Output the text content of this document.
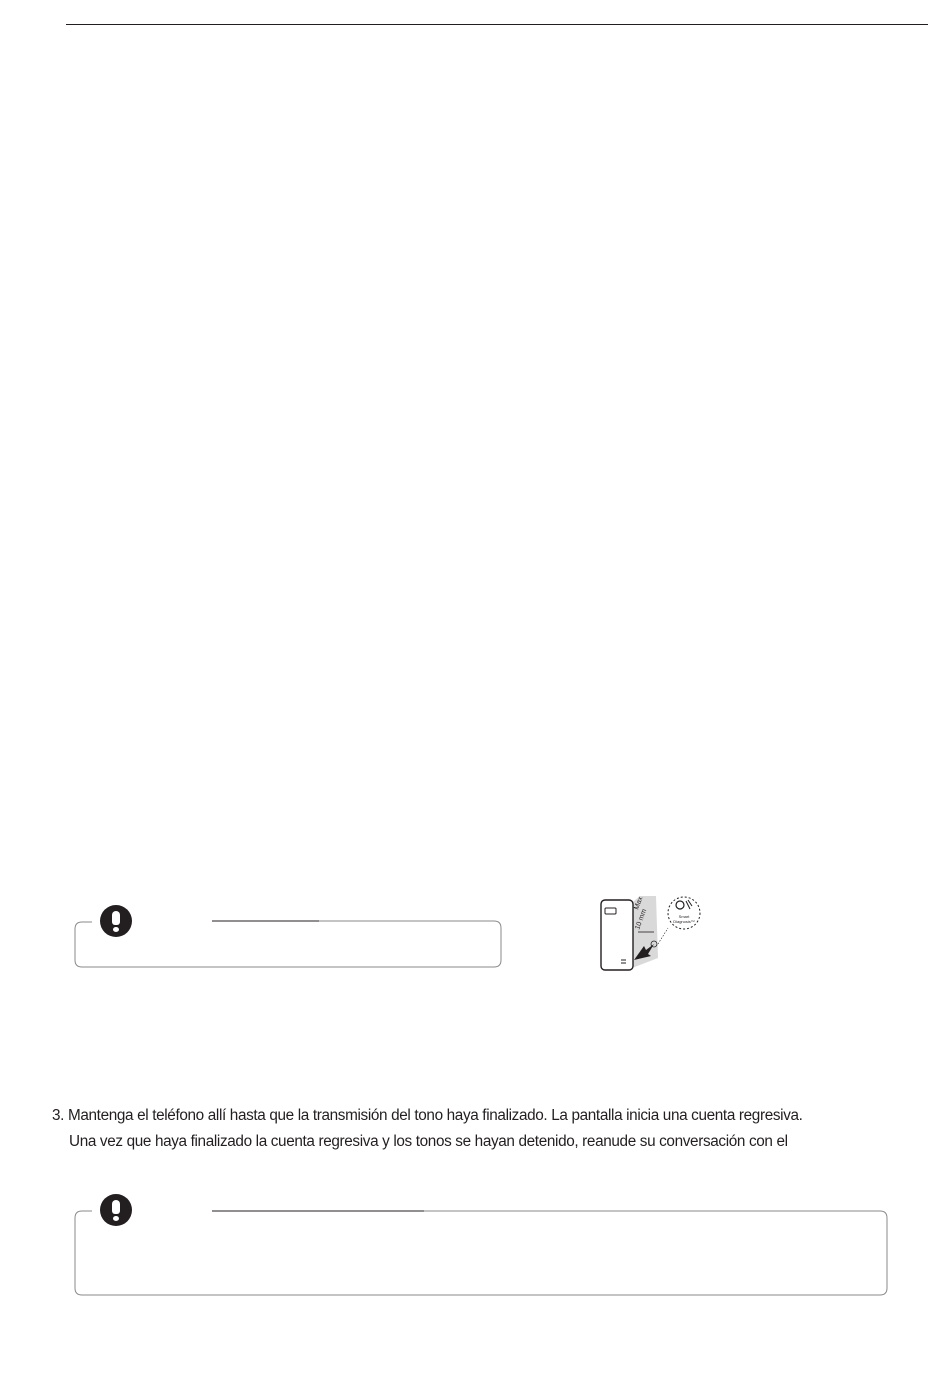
Max
10 mm	Smart
Diagnosis™
3. Mantenga el teléfono allí hasta que la transmisión del tono haya finalizado. La pantalla inicia una cuenta regresiva.
Una vez que haya finalizado la cuenta regresiva y los tonos se hayan detenido, reanude su conversación con el
